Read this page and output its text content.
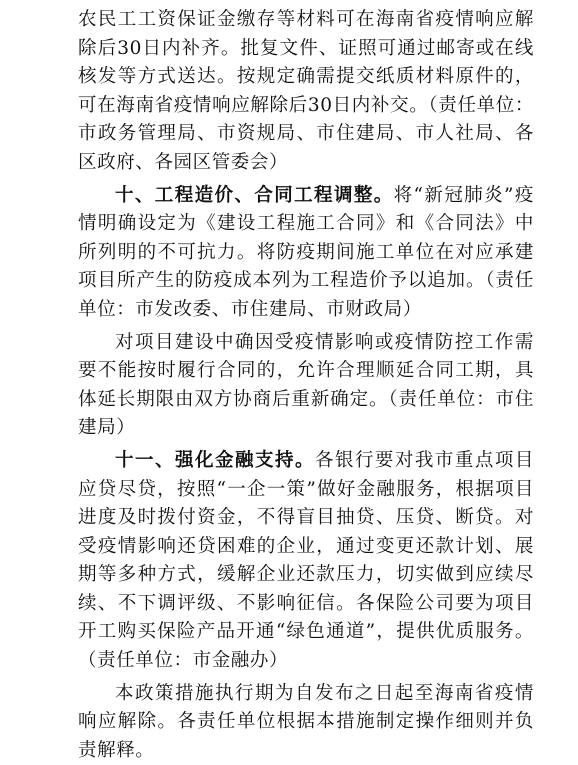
农民工工资保证金缴存等材料可在海南省疫情响应解除后30日内补齐。批复文件、证照可通过邮寄或在线核发等方式送达。按规定确需提交纸质材料原件的，可在海南省疫情响应解除后30日内补交。（责任单位：市政务管理局、市资规局、市住建局、市人社局、各区政府、各园区管委会）

十、工程造价、合同工程调整。将“新冠肺炎”疫情明确设定为《建设工程施工合同》和《合同法》中所列明的不可抗力。将防疫期间施工单位在对应承建项目所产生的防疫成本列为工程造价予以追加。（责任单位：市发改委、市住建局、市财政局）

对项目建设中确因受疫情影响或疫情防控工作需要不能按时履行合同的，允许合理顺延合同工期，具体延长期限由双方协商后重新确定。（责任单位：市住建局）

十一、强化金融支持。各银行要对我市重点项目应贷尽贷，按照“一企一策”做好金融服务，根据项目进度及时拨付资金，不得盲目抽贷、压贷、断贷。对受疫情影响还贷困难的企业，通过变更还款计划、展期等多种方式，缓解企业还款压力，切实做到应续尽续、不下调评级、不影响征信。各保险公司要为项目开工购买保险产品开通“绿色通道”，提供优质服务。（责任单位：市金融办）

本政策措施执行期为自发布之日起至海南省疫情响应解除。各责任单位根据本措施制定操作细则并负责解释。
